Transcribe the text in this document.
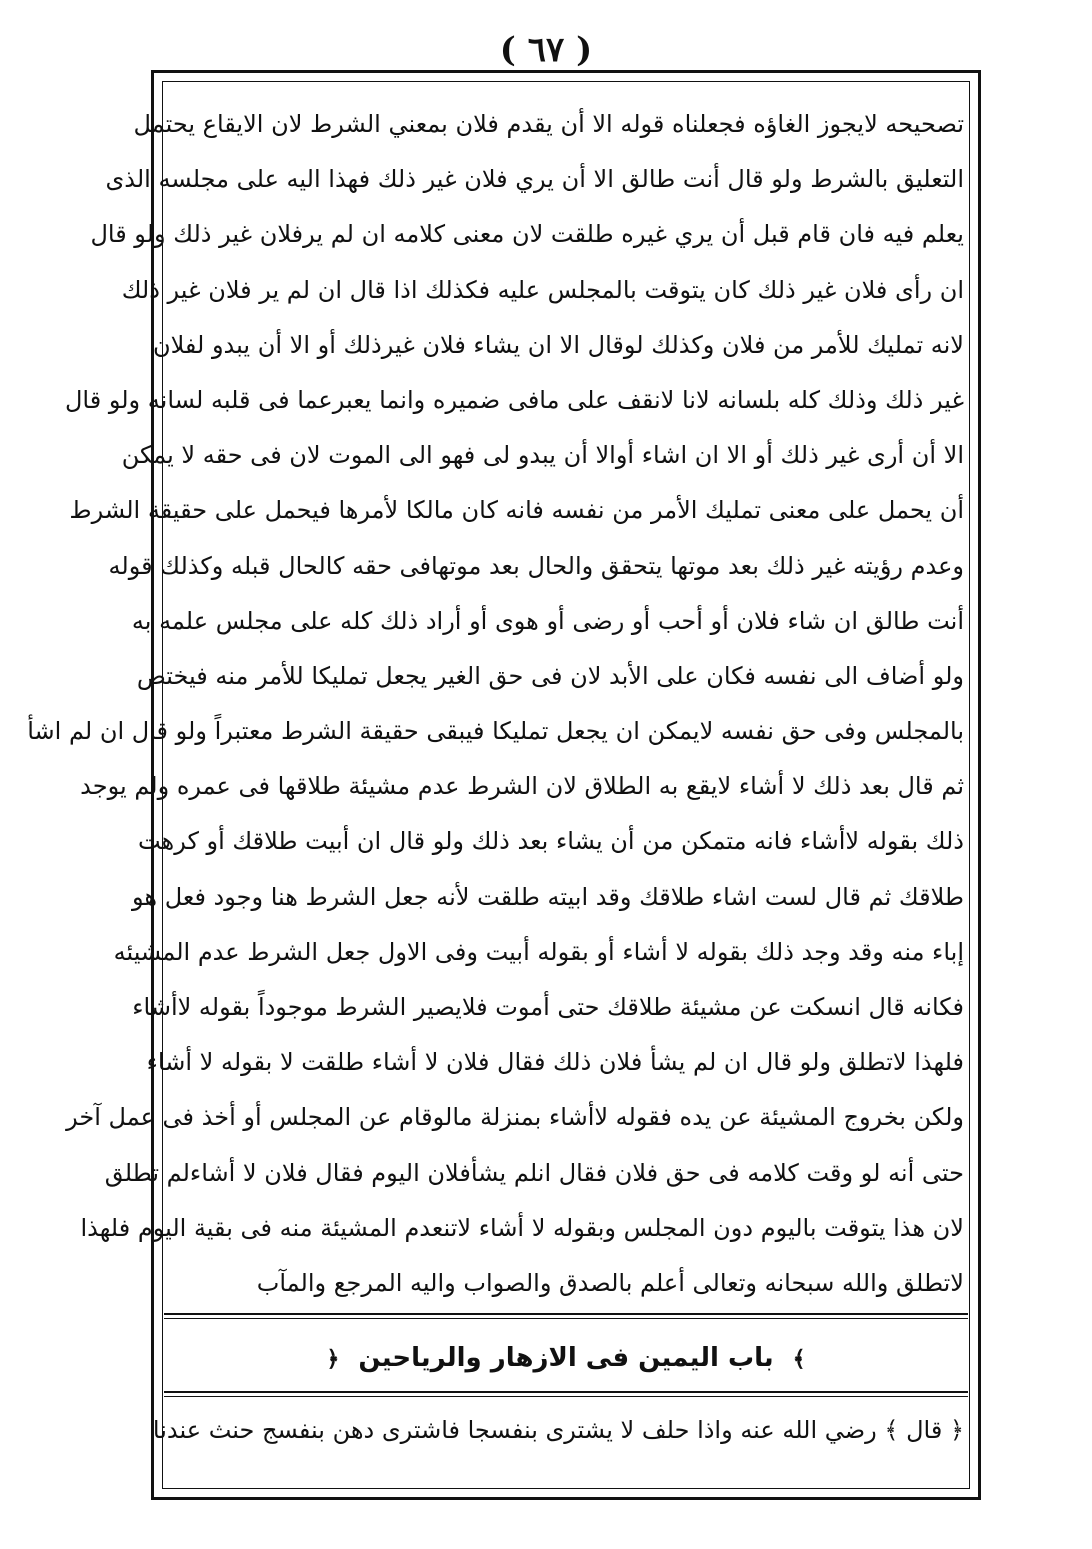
( ٦٧ )
تصحيحه لايجوز الغاؤه فجعلناه قوله الا أن يقدم فلان بمعني الشرط لان الايقاع يحتمل
التعليق بالشرط ولو قال أنت طالق الا أن يري فلان غير ذلك فهذا اليه على مجلسه الذى
يعلم فيه فان قام قبل أن يري غيره طلقت لان معنى كلامه ان لم يرفلان غير ذلك ولو قال
ان رأى فلان غير ذلك كان يتوقت بالمجلس عليه فكذلك اذا قال ان لم ير فلان غير ذلك
لانه تمليك للأمر من فلان وكذلك لوقال الا ان يشاء فلان غيرذلك أو الا أن يبدو لفلان
غير ذلك وذلك كله بلسانه لانا لانقف على مافى ضميره وانما يعبرعما فى قلبه لسانه ولو قال
الا أن أرى غير ذلك أو الا ان اشاء أوالا أن يبدو لى فهو الى الموت لان فى حقه لا يمكن
أن يحمل على معنى تمليك الأمر من نفسه فانه كان مالكا لأمرها فيحمل على حقيقة الشرط
وعدم رؤيته غير ذلك بعد موتها يتحقق والحال بعد موتهافى حقه كالحال قبله وكذلك قوله
أنت طالق ان شاء فلان أو أحب أو رضى أو هوى أو أراد ذلك كله على مجلس علمه به
ولو أضاف الى نفسه فكان على الأبد لان فى حق الغير يجعل تمليكا للأمر منه فيختص
بالمجلس وفى حق نفسه لايمكن ان يجعل تمليكا فيبقى حقيقة الشرط معتبراً ولو قال ان لم اشأ
ثم قال بعد ذلك لا أشاء لايقع به الطلاق لان الشرط عدم مشيئة طلاقها فى عمره ولم يوجد
ذلك بقوله لاأشاء فانه متمكن من أن يشاء بعد ذلك ولو قال ان أبيت طلاقك أو كرهت
طلاقك ثم قال لست اشاء طلاقك وقد ابيته طلقت لأنه جعل الشرط هنا وجود فعل هو
إباء منه وقد وجد ذلك بقوله لا أشاء أو بقوله أبيت وفى الاول جعل الشرط عدم المشيئه
فكانه قال انسكت عن مشيئة طلاقك حتى أموت فلايصير الشرط موجوداً بقوله لاأشاء
فلهذا لاتطلق ولو قال ان لم يشأ فلان ذلك فقال فلان لا أشاء طلقت لا بقوله لا أشاء
ولكن بخروج المشيئة عن يده فقوله لاأشاء بمنزلة مالوقام عن المجلس أو أخذ فى عمل آخر
حتى أنه لو وقت كلامه فى حق فلان فقال انلم يشأفلان اليوم فقال فلان لا أشاءلم تطلق
لان هذا يتوقت باليوم دون المجلس وبقوله لا أشاء لاتنعدم المشيئة منه فى بقية اليوم فلهذا
لاتطلق والله سبحانه وتعالى أعلم بالصدق والصواب واليه المرجع والمآب
﴾ باب اليمين فى الازهار والرياحين ﴿
﴿ قال ﴾ رضي الله عنه واذا حلف لا يشترى بنفسجا فاشترى دهن بنفسج حنث عندنا
